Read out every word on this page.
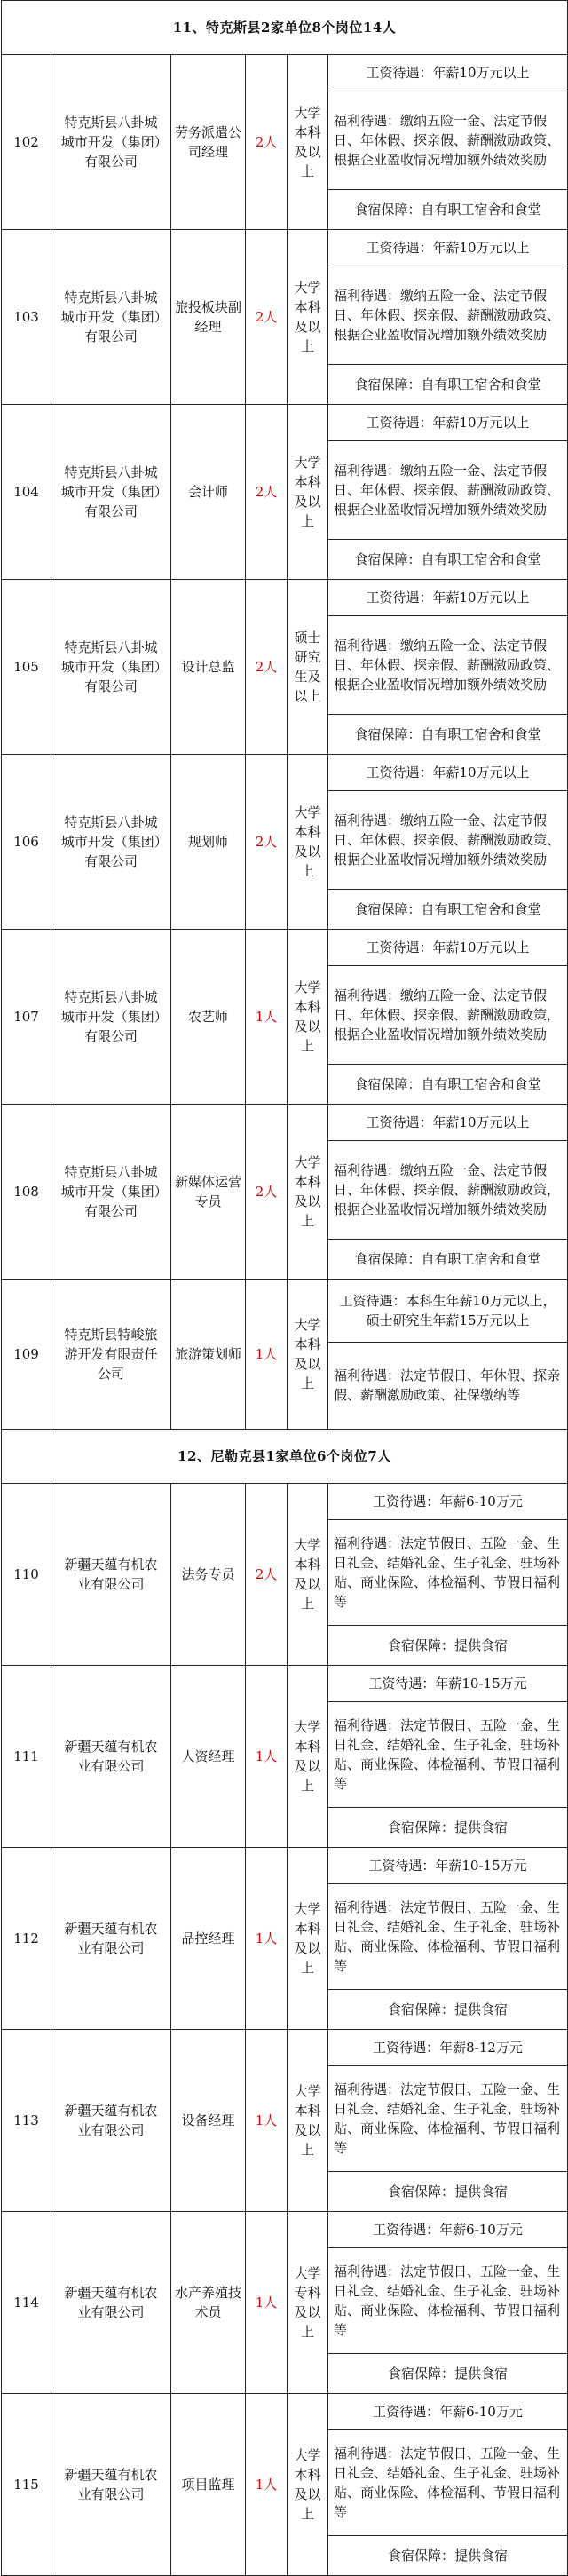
11、特克斯县2家单位8个岗位14人					
102	特克斯县八卦城城市开发（集团）有限公司	劳务派遣公司经理	2人	大学本科及以上	工资待遇：年薪10万元以上
福利待遇：缴纳五险一金、法定节假日、年休假、探亲假、薪酬激励政策、根据企业盈收情况增加额外绩效奖励
食宿保障：自有职工宿舍和食堂

103	特克斯县八卦城城市开发（集团）有限公司	旅投板块副经理	2人	大学本科及以上	工资待遇：年薪10万元以上
福利待遇：缴纳五险一金、法定节假日、年休假、探亲假、薪酬激励政策、根据企业盈收情况增加额外绩效奖励
食宿保障：自有职工宿舍和食堂

104	特克斯县八卦城城市开发（集团）有限公司	会计师	2人	大学本科及以上	工资待遇：年薪10万元以上
福利待遇：缴纳五险一金、法定节假日、年休假、探亲假、薪酬激励政策、根据企业盈收情况增加额外绩效奖励
食宿保障：自有职工宿舍和食堂

105	特克斯县八卦城城市开发（集团）有限公司	设计总监	2人	硕士研究生及以上	工资待遇：年薪10万元以上
福利待遇：缴纳五险一金、法定节假日、年休假、探亲假、薪酬激励政策、根据企业盈收情况增加额外绩效奖励
食宿保障：自有职工宿舍和食堂

106	特克斯县八卦城城市开发（集团）有限公司	规划师	2人	大学本科及以上	工资待遇：年薪10万元以上
福利待遇：缴纳五险一金、法定节假日、年休假、探亲假、薪酬激励政策、根据企业盈收情况增加额外绩效奖励
食宿保障：自有职工宿舍和食堂

107	特克斯县八卦城城市开发（集团）有限公司	农艺师	1人	大学本科及以上	工资待遇：年薪10万元以上
福利待遇：缴纳五险一金、法定节假日、年休假、探亲假、薪酬激励政策，根据企业盈收情况增加额外绩效奖励
食宿保障：自有职工宿舍和食堂

108	特克斯县八卦城城市开发（集团）有限公司	新媒体运营专员	2人	大学本科及以上	工资待遇：年薪10万元以上
福利待遇：缴纳五险一金、法定节假日、年休假、探亲假、薪酬激励政策，根据企业盈收情况增加额外绩效奖励
食宿保障：自有职工宿舍和食堂

109	特克斯县特峻旅游开发有限责任公司	旅游策划师	1人	大学本科及以上	工资待遇：本科生年薪10万元以上，硕士研究生年薪15万元以上
福利待遇：法定节假日、年休假、探亲假、薪酬激励政策、社保缴纳等

12、尼勒克县1家单位6个岗位7人					
110	新疆天蕴有机农业有限公司	法务专员	2人	大学本科及以上	工资待遇：年薪6-10万元
福利待遇：法定节假日、五险一金、生日礼金、结婚礼金、生子礼金、驻场补贴、商业保险、体检福利、节假日福利等
食宿保障：提供食宿

111	新疆天蕴有机农业有限公司	人资经理	1人	大学本科及以上	工资待遇：年薪10-15万元
福利待遇：法定节假日、五险一金、生日礼金、结婚礼金、生子礼金、驻场补贴、商业保险、体检福利、节假日福利等
食宿保障：提供食宿

112	新疆天蕴有机农业有限公司	品控经理	1人	大学本科及以上	工资待遇：年薪10-15万元
福利待遇：法定节假日、五险一金、生日礼金、结婚礼金、生子礼金、驻场补贴、商业保险、体检福利、节假日福利等
食宿保障：提供食宿

113	新疆天蕴有机农业有限公司	设备经理	1人	大学本科及以上	工资待遇：年薪8-12万元
福利待遇：法定节假日、五险一金、生日礼金、结婚礼金、生子礼金、驻场补贴、商业保险、体检福利、节假日福利等
食宿保障：提供食宿

114	新疆天蕴有机农业有限公司	水产养殖技术员	1人	大学专科及以上	工资待遇：年薪6-10万元
福利待遇：法定节假日、五险一金、生日礼金、结婚礼金、生子礼金、驻场补贴、商业保险、体检福利、节假日福利等
食宿保障：提供食宿

115	新疆天蕴有机农业有限公司	项目监理	1人	大学本科及以上	工资待遇：年薪6-10万元
福利待遇：法定节假日、五险一金、生日礼金、结婚礼金、生子礼金、驻场补贴、商业保险、体检福利、节假日福利等
食宿保障：提供食宿
